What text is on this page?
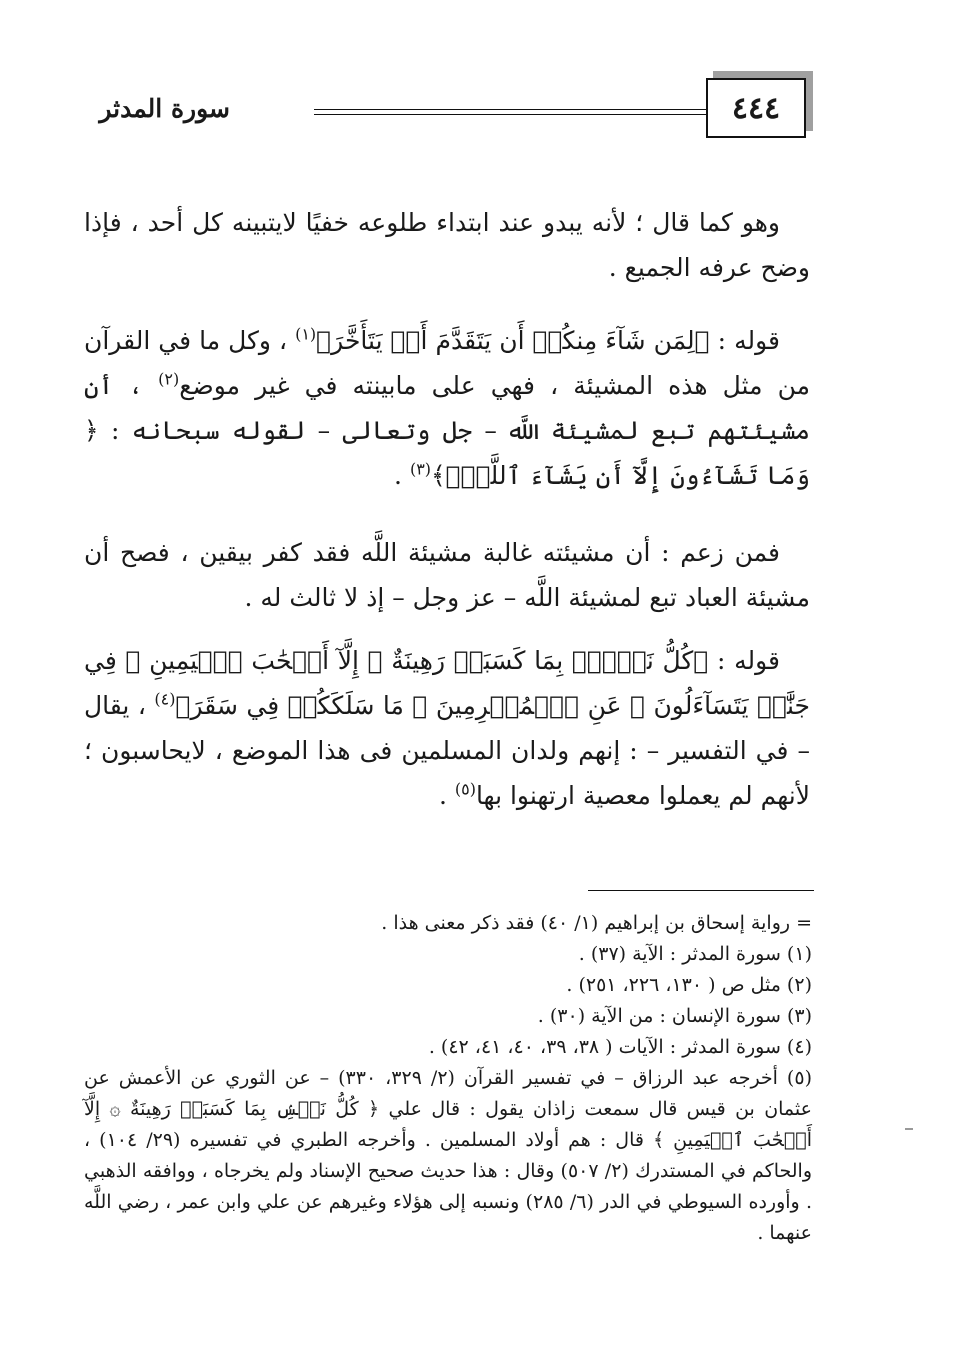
٤٤٤
سورة المدثر

وهو كما قال ؛ لأنه يبدو عند ابتداء طلوعه خفيًا لايتبينه كل أحد ، فإذا وضح عرفه الجميع .

قوله : ﴿لِمَن شَآءَ مِنكُمۡ أَن يَتَقَدَّمَ أَوۡ يَتَأَخَّرَ﴾$^{(١)}$ ، وكل ما في القرآن من مثل هذه المشيئة ، فهي على مابينته في غير موضع$^{(٢)}$ ، أن مشيئتهم تبع لمشيئة اللَّه – جل وتعالى – لقوله سبحانه : ﴿ وَمَا تَشَآءُونَ إِلَّآ أَن يَشَآءَ ٱللَّهُۚ﴾$^{(٣)}$ .

فمن زعم : أن مشيئته غالبة مشيئة اللَّه فقد كفر بيقين ، فصح أن مشيئة العباد تبع لمشيئة اللَّه – عز وجل – إذ لا ثالث له .

قوله : ﴿كُلُّ نَفۡسِۢ بِمَا كَسَبَتۡ رَهِينَةٌ ۞ إِلَّآ أَصۡحَٰبَ ٱلۡيَمِينِ ۞ فِي جَنَّٰتٖ يَتَسَآءَلُونَ ۞ عَنِ ٱلۡمُجۡرِمِينَ ۞ مَا سَلَكَكُمۡ فِي سَقَرَ﴾$^{(٤)}$ ، يقال – في التفسير – : إنهم ولدان المسلمين فى هذا الموضع ، لايحاسبون ؛ لأنهم لم يعملوا معصية ارتهنوا بها$^{(٥)}$ .

= رواية إسحاق بن إبراهيم (١/ ٤٠) فقد ذكر معنى هذا .

(١) سورة المدثر : الآية (٣٧) .

(٢) مثل ص ( ١٣٠، ٢٢٦، ٢٥١) .

(٣) سورة الإنسان : من الآية (٣٠) .

(٤) سورة المدثر : الآيات ( ٣٨، ٣٩، ٤٠، ٤١، ٤٢) .

(٥) أخرجه عبد الرزاق – في تفسير القرآن (٢/ ٣٢٩، ٣٣٠) – عن الثوري عن الأعمش عن عثمان بن قيس قال سمعت زاذان يقول : قال علي ﴿ كُلُّ نَفۡسِۢ بِمَا كَسَبَتۡ رَهِينَةٌ ۞ إِلَّآ أَصۡحَٰبَ ٱلۡيَمِينِ ﴾ قال : هم أولاد المسلمين . وأخرجه الطبري في تفسيره (٢٩/ ١٠٤) ، والحاكم في المستدرك (٢/ ٥٠٧) وقال : هذا حديث صحيح الإسناد ولم يخرجاه ، ووافقه الذهبي . وأورده السيوطي في الدر (٦/ ٢٨٥) ونسبه إلى هؤلاء وغيرهم عن علي وابن عمر ، رضي اللَّه عنهما .
